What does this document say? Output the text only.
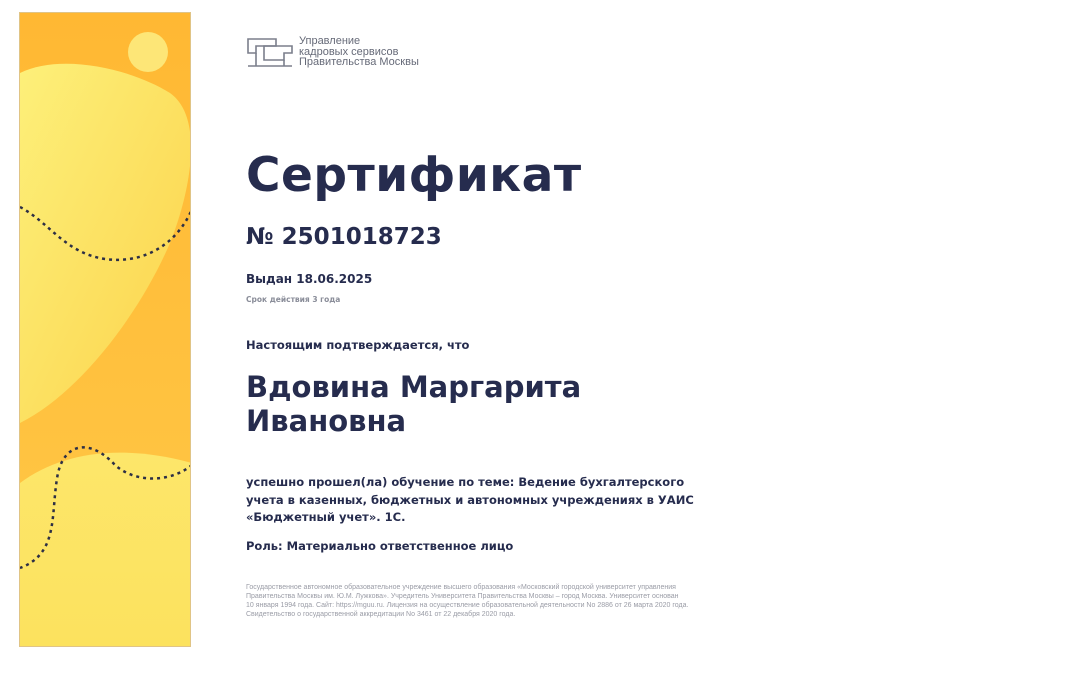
Управление
кадровых сервисов
Правительства Москвы
Сертификат
№ 2501018723
Выдан 18.06.2025
Срок действия 3 года
Настоящим подтверждается, что
Вдовина Маргарита
Ивановна
успешно прошел(ла) обучение по теме: Ведение бухгалтерского
учета в казенных, бюджетных и автономных учреждениях в УАИС
«Бюджетный учет». 1С.
Роль: Материально ответственное лицо
Государственное автономное образовательное учреждение высшего образования «Московский городской университет управления
Правительства Москвы им. Ю.М. Лужкова». Учредитель Университета Правительства Москвы – город Москва. Университет основан
10 января 1994 года. Сайт: https://mguu.ru. Лицензия на осуществление образовательной деятельности No 2886 от 26 марта 2020 года.
Свидетельство о государственной аккредитации No 3461 от 22 декабря 2020 года.
